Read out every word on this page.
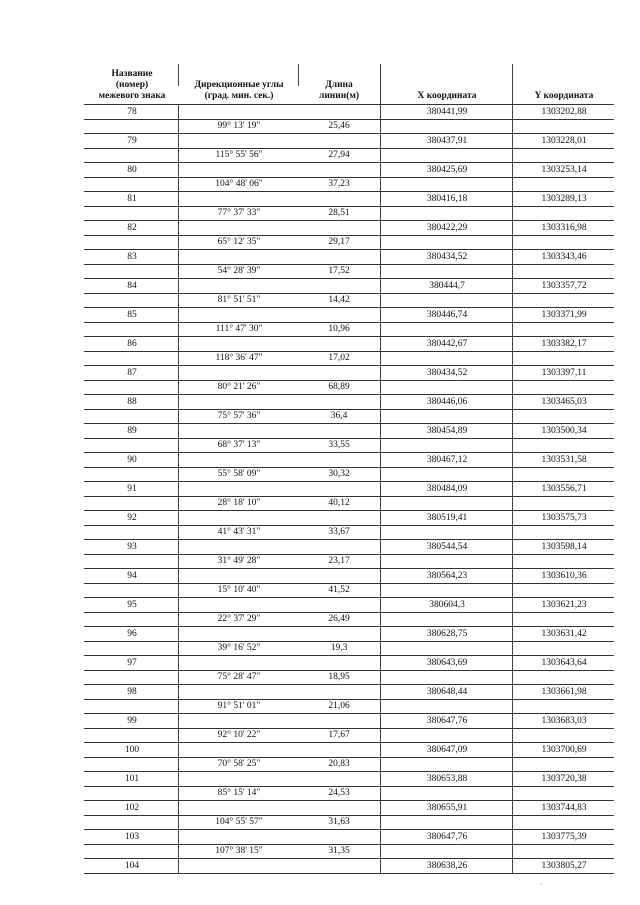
Название
(номер)
межевого знака
Дирекционные углы
(град. мин. сек.)
Длина
линии(м)	X координата	Y координата
78	380441,99	1303202,88
99° 13' 19"	25,46
79	380437,91	1303228,01
115° 55' 56"	27,94
80	380425,69	1303253,14
104° 48' 06"	37,23
81	380416,18	1303289,13
77° 37' 33"	28,51
82	380422,29	1303316,98
65° 12' 35"	29,17
83	380434,52	1303343,46
54° 28' 39"	17,52
84	380444,7	1303357,72
81° 51' 51"	14,42
85	380446,74	1303371,99
111° 47' 30"	10,96
86	380442,67	1303382,17
118° 36' 47"	17,02
87	380434,52	1303397,11
80° 21' 26"	68,89
88	380446,06	1303465,03
75° 57' 36"	36,4
89	380454,89	1303500,34
68° 37' 13"	33,55
90	380467,12	1303531,58
55° 58' 09"	30,32
91	380484,09	1303556,71
28° 18' 10"	40,12
92	380519,41	1303575,73
41° 43' 31"	33,67
93	380544,54	1303598,14
31° 49' 28"	23,17
94	380564,23	1303610,36
15° 10' 40"	41,52
95	380604,3	1303621,23
22° 37' 29"	26,49
96	380628,75	1303631,42
39° 16' 52"	19,3
97	380643,69	1303643,64
75° 28' 47"	18,95
98	380648,44	1303661,98
91° 51' 01"	21,06
99	380647,76	1303683,03
92° 10' 22"	17,67
100	380647,09	1303700,69
70° 58' 25"	20,83
101	380653,88	1303720,38
85° 15' 14"	24,53
102	380655,91	1303744,83
104° 55' 57"	31,63
103	380647,76	1303775,39
107° 38' 15"	31,35
104	380638,26	1303805,27
·
